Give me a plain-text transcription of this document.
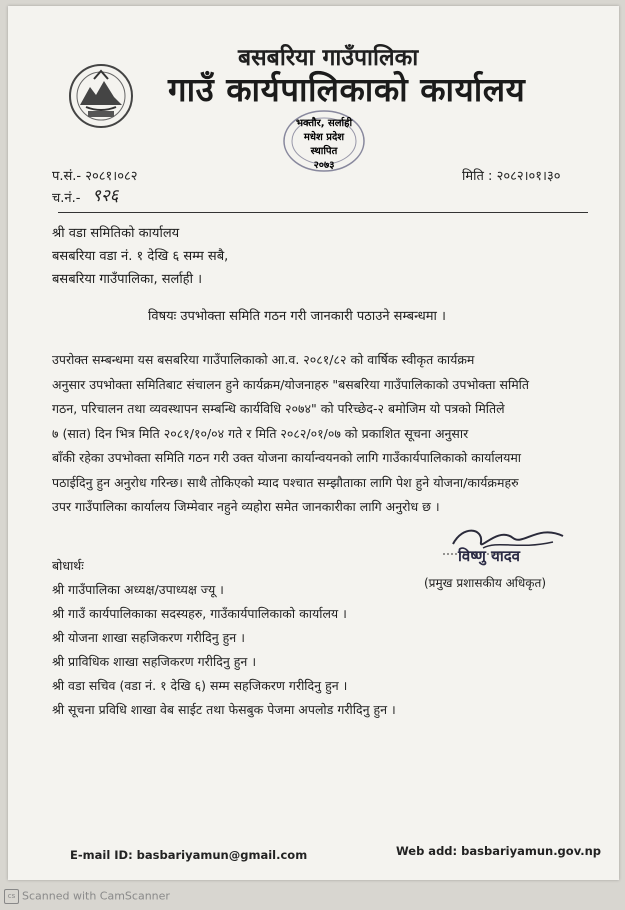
बसबरिया गाउँपालिका
गाउँ कार्यपालिकाको कार्यालय
भक्तौर, सर्लाही
मधेश प्रदेश
स्थापित
२०७३
प.सं.- २०८१।०८२	मिति : २०८२।०१।३०
च.नं.- ९२६
श्री वडा समितिको कार्यालय
बसबरिया वडा नं. १ देखि ६ सम्म सबै,
बसबरिया गाउँपालिका, सर्लाही ।
विषयः उपभोक्ता समिति गठन गरी जानकारी पठाउने सम्बन्धमा ।
उपरोक्त सम्बन्धमा यस बसबरिया गाउँपालिकाको आ.व. २०८१/८२ को वार्षिक स्वीकृत कार्यक्रम
अनुसार उपभोक्ता समितिबाट संचालन हुने कार्यक्रम/योजनाहरु "बसबरिया गाउँपालिकाको उपभोक्ता समिति
गठन, परिचालन तथा व्यवस्थापन सम्बन्धि कार्यविधि २०७४" को परिच्छेद-२ बमोजिम यो पत्रको मितिले
७ (सात) दिन भित्र मिति २०८१/१०/०४ गते र मिति २०८२/०१/०७ को प्रकाशित सूचना अनुसार
बाँकी रहेका उपभोक्ता समिति गठन गरी उक्त योजना कार्यान्वयनको लागि गाउँकार्यपालिकाको कार्यालयमा
पठाईदिनु हुन अनुरोध गरिन्छ। साथै तोकिएको म्याद पश्चात सम्झौताका लागि पेश हुने योजना/कार्यक्रमहरु
उपर गाउँपालिका कार्यालय जिम्मेवार नहुने व्यहोरा समेत जानकारीका लागि अनुरोध छ ।
विष्णु यादव
(प्रमुख प्रशासकीय अधिकृत)
बोधार्थः
श्री गाउँपालिका अध्यक्ष/उपाध्यक्ष ज्यू ।
श्री गाउँ कार्यपालिकाका सदस्यहरु, गाउँकार्यपालिकाको कार्यालय ।
श्री योजना शाखा सहजिकरण गरीदिनु हुन ।
श्री प्राविधिक शाखा सहजिकरण गरीदिनु हुन ।
श्री वडा सचिव (वडा नं. १ देखि ६) सम्म सहजिकरण गरीदिनु हुन ।
श्री सूचना प्रविधि शाखा वेब साईट तथा फेसबुक पेजमा अपलोड गरीदिनु हुन ।
E-mail ID: basbariyamun@gmail.com	Web add: basbariyamun.gov.np
cs Scanned with CamScanner
